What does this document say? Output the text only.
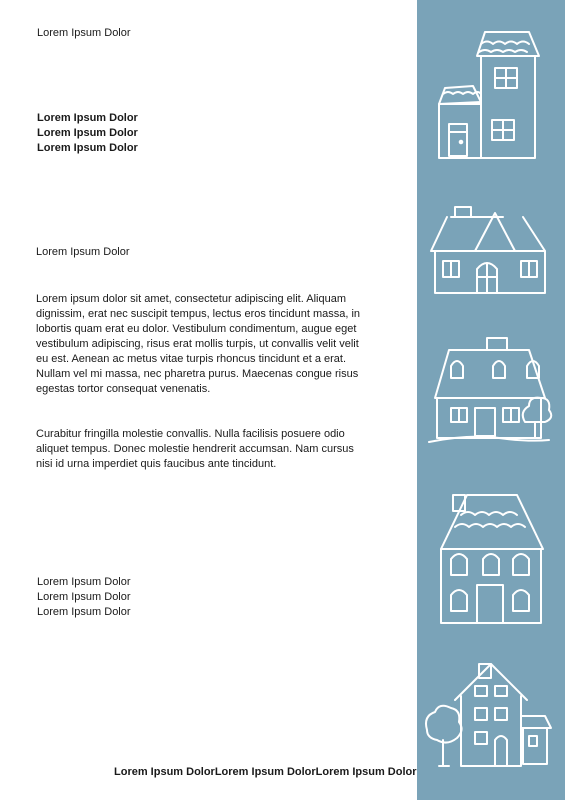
Lorem Ipsum Dolor
Lorem Ipsum Dolor
Lorem Ipsum Dolor
Lorem Ipsum Dolor
Lorem Ipsum Dolor
Lorem ipsum dolor sit amet, consectetur adipiscing elit. Aliquam dignissim, erat nec suscipit tempus, lectus eros tincidunt massa, in lobortis quam erat eu dolor. Vestibulum condimentum, augue eget vestibulum adipiscing, risus erat mollis turpis, ut convallis velit velit eu est. Aenean ac metus vitae turpis rhoncus tincidunt et a erat. Nullam vel mi massa, nec pharetra purus. Maecenas congue risus egestas tortor consequat venenatis.
Curabitur fringilla molestie convallis. Nulla facilisis posuere odio aliquet tempus. Donec molestie hendrerit accumsan. Nam cursus nisi id urna imperdiet quis faucibus ante tincidunt.
Lorem Ipsum Dolor
Lorem Ipsum Dolor
Lorem Ipsum Dolor
Lorem Ipsum DolorLorem Ipsum DolorLorem Ipsum Dolor
